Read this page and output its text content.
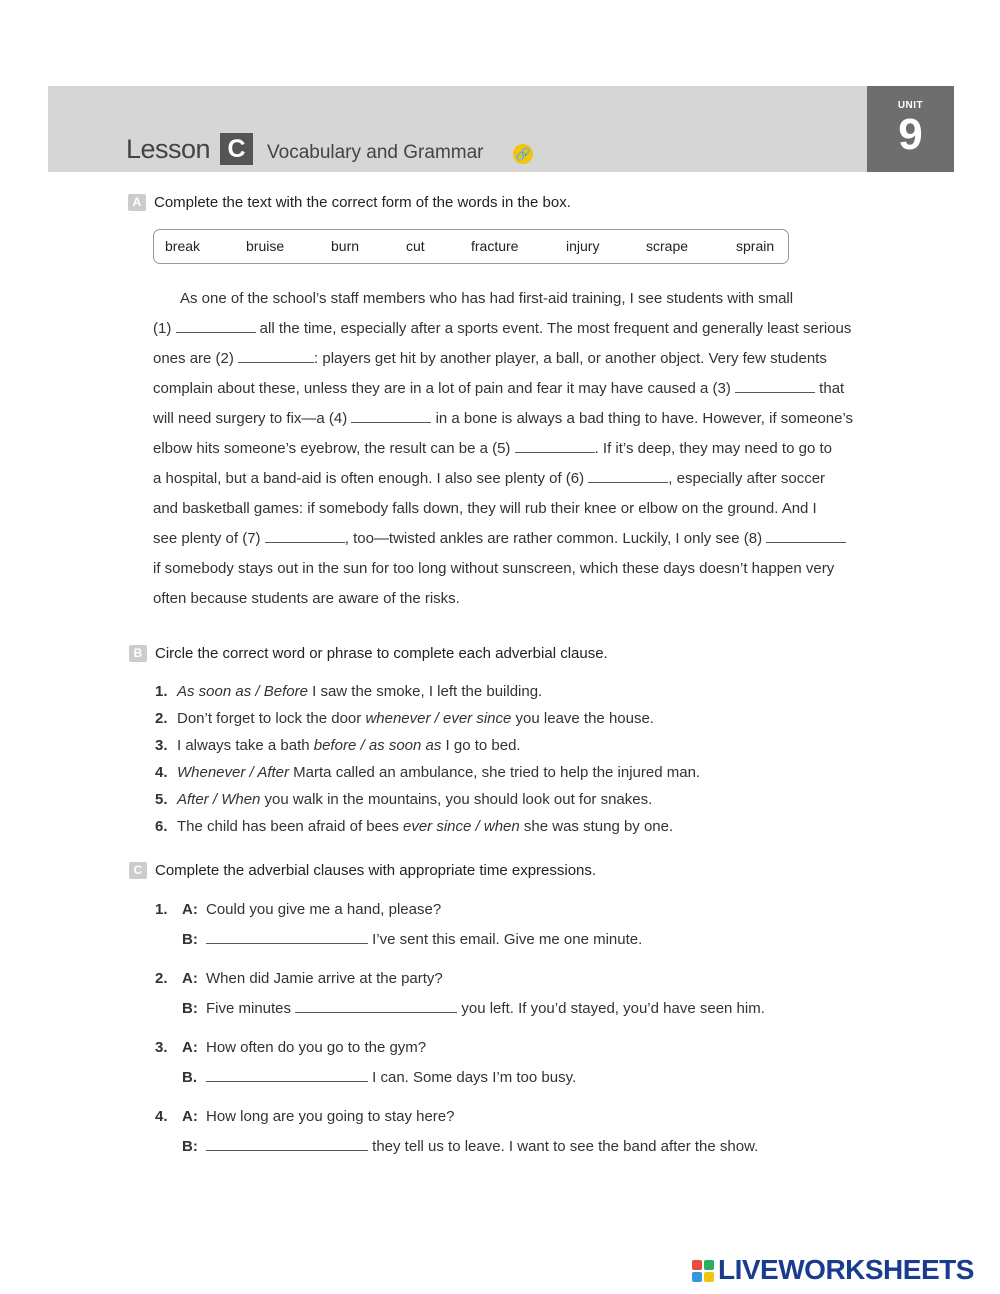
Lesson C	Vocabulary and Grammar	🔗
UNIT
9
A Complete the text with the correct form of the words in the box.
break	bruise	burn	cut	fracture	injury	scrape	sprain
As one of the school’s staff members who has had first-aid training, I see students with small
(1)	all the time, especially after a sports event. The most frequent and generally least serious
ones are (2)	: players get hit by another player, a ball, or another object. Very few students
complain about these, unless they are in a lot of pain and fear it may have caused a (3)	that
will need surgery to fix—a (4)	in a bone is always a bad thing to have. However, if someone’s
elbow hits someone’s eyebrow, the result can be a (5)	. If it’s deep, they may need to go to
a hospital, but a band-aid is often enough. I also see plenty of (6)	, especially after soccer
and basketball games: if somebody falls down, they will rub their knee or elbow on the ground. And I
see plenty of (7)	, too—twisted ankles are rather common. Luckily, I only see (8)
if somebody stays out in the sun for too long without sunscreen, which these days doesn’t happen very
often because students are aware of the risks.
B Circle the correct word or phrase to complete each adverbial clause.
1. As soon as / Before I saw the smoke, I left the building.
2. Don’t forget to lock the door whenever / ever since you leave the house.
3. I always take a bath before / as soon as I go to bed.
4. Whenever / After Marta called an ambulance, she tried to help the injured man.
5. After / When you walk in the mountains, you should look out for snakes.
6. The child has been afraid of bees ever since / when she was stung by one.
C Complete the adverbial clauses with appropriate time expressions.
1. A: Could you give me a hand, please?
B:	I’ve sent this email. Give me one minute.
2. A: When did Jamie arrive at the party?
B: Five minutes	you left. If you’d stayed, you’d have seen him.
3. A: How often do you go to the gym?
B.	I can. Some days I’m too busy.
4. A: How long are you going to stay here?
B:	they tell us to leave. I want to see the band after the show.
LIVEWORKSHEETS
